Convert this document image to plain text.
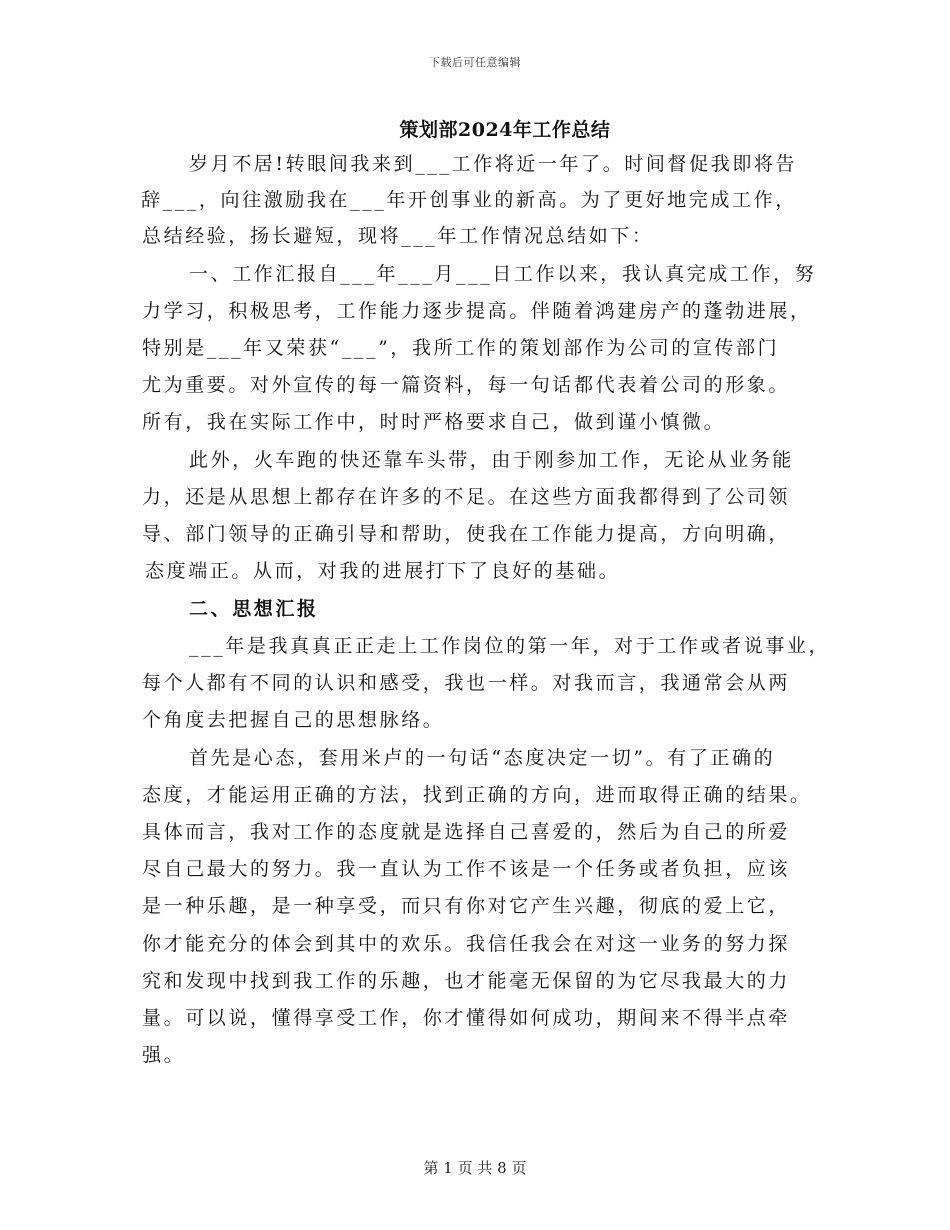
下载后可任意编辑
策划部2024年工作总结
岁月不居!转眼间我来到___工作将近一年了。时间督促我即将告
辞___，向往激励我在___年开创事业的新高。为了更好地完成工作，
总结经验，扬长避短，现将___年工作情况总结如下：
一、工作汇报自___年___月___日工作以来，我认真完成工作，努
力学习，积极思考，工作能力逐步提高。伴随着鸿建房产的蓬勃进展，
特别是___年又荣获“___”，我所工作的策划部作为公司的宣传部门
尤为重要。对外宣传的每一篇资料，每一句话都代表着公司的形象。
所有，我在实际工作中，时时严格要求自己，做到谨小慎微。
此外，火车跑的快还靠车头带，由于刚参加工作，无论从业务能
力，还是从思想上都存在许多的不足。在这些方面我都得到了公司领
导、部门领导的正确引导和帮助，使我在工作能力提高，方向明确，
态度端正。从而，对我的进展打下了良好的基础。
二、思想汇报
___年是我真真正正走上工作岗位的第一年，对于工作或者说事业，
每个人都有不同的认识和感受，我也一样。对我而言，我通常会从两
个角度去把握自己的思想脉络。
首先是心态，套用米卢的一句话“态度决定一切”。有了正确的
态度，才能运用正确的方法，找到正确的方向，进而取得正确的结果。
具体而言，我对工作的态度就是选择自己喜爱的，然后为自己的所爱
尽自己最大的努力。我一直认为工作不该是一个任务或者负担，应该
是一种乐趣，是一种享受，而只有你对它产生兴趣，彻底的爱上它，
你才能充分的体会到其中的欢乐。我信任我会在对这一业务的努力探
究和发现中找到我工作的乐趣，也才能毫无保留的为它尽我最大的力
量。可以说，懂得享受工作，你才懂得如何成功，期间来不得半点牵
强。
第 1 页 共 8 页
